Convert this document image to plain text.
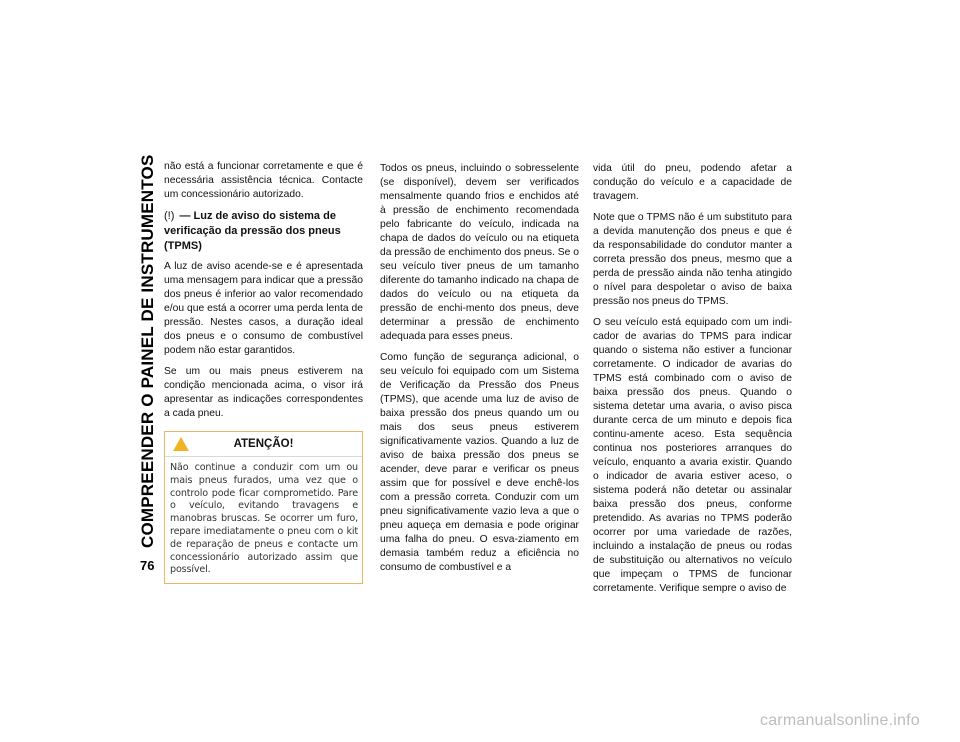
COMPREENDER O PAINEL DE INSTRUMENTOS
76

não está a funcionar corretamente e que é necessária assistência técnica. Contacte um concessionário autorizado.

(!) — Luz de aviso do sistema de verificação da pressão dos pneus (TPMS)

A luz de aviso acende-se e é apresentada uma mensagem para indicar que a pressão dos pneus é inferior ao valor recomendado e/ou que está a ocorrer uma perda lenta de pressão. Nestes casos, a duração ideal dos pneus e o consumo de combustível podem não estar garantidos.

Se um ou mais pneus estiverem na condição mencionada acima, o visor irá apresentar as indicações correspondentes a cada pneu.

ATENÇÃO!
Não continue a conduzir com um ou mais pneus furados, uma vez que o controlo pode ficar comprometido. Pare o veículo, evitando travagens e manobras bruscas. Se ocorrer um furo, repare imediatamente o pneu com o kit de reparação de pneus e contacte um concessionário autorizado assim que possível.

Todos os pneus, incluindo o sobresselente (se disponível), devem ser verificados mensalmente quando frios e enchidos até à pressão de enchimento recomendada pelo fabricante do veículo, indicada na chapa de dados do veículo ou na etiqueta da pressão de enchimento dos pneus. Se o seu veículo tiver pneus de um tamanho diferente do tamanho indicado na chapa de dados do veículo ou na etiqueta da pressão de enchi-mento dos pneus, deve determinar a pressão de enchimento adequada para esses pneus.

Como função de segurança adicional, o seu veículo foi equipado com um Sistema de Verificação da Pressão dos Pneus (TPMS), que acende uma luz de aviso de baixa pressão dos pneus quando um ou mais dos seus pneus estiverem significativamente vazios. Quando a luz de aviso de baixa pressão dos pneus se acender, deve parar e verificar os pneus assim que for possível e deve enchê-los com a pressão correta. Conduzir com um pneu significativamente vazio leva a que o pneu aqueça em demasia e pode originar uma falha do pneu. O esva-ziamento em demasia também reduz a eficiência no consumo de combustível e a

vida útil do pneu, podendo afetar a condução do veículo e a capacidade de travagem.

Note que o TPMS não é um substituto para a devida manutenção dos pneus e que é da responsabilidade do condutor manter a correta pressão dos pneus, mesmo que a perda de pressão ainda não tenha atingido o nível para despoletar o aviso de baixa pressão nos pneus do TPMS.

O seu veículo está equipado com um indi-cador de avarias do TPMS para indicar quando o sistema não estiver a funcionar corretamente. O indicador de avarias do TPMS está combinado com o aviso de baixa pressão dos pneus. Quando o sistema detetar uma avaria, o aviso pisca durante cerca de um minuto e depois fica continu-amente aceso. Esta sequência continua nos posteriores arranques do veículo, enquanto a avaria existir. Quando o indicador de avaria estiver aceso, o sistema poderá não detetar ou assinalar baixa pressão dos pneus, conforme pretendido. As avarias no TPMS poderão ocorrer por uma variedade de razões, incluindo a instalação de pneus ou rodas de substituição ou alternativos no veículo que impeçam o TPMS de funcionar corretamente. Verifique sempre o aviso de

carmanualsonline.info
